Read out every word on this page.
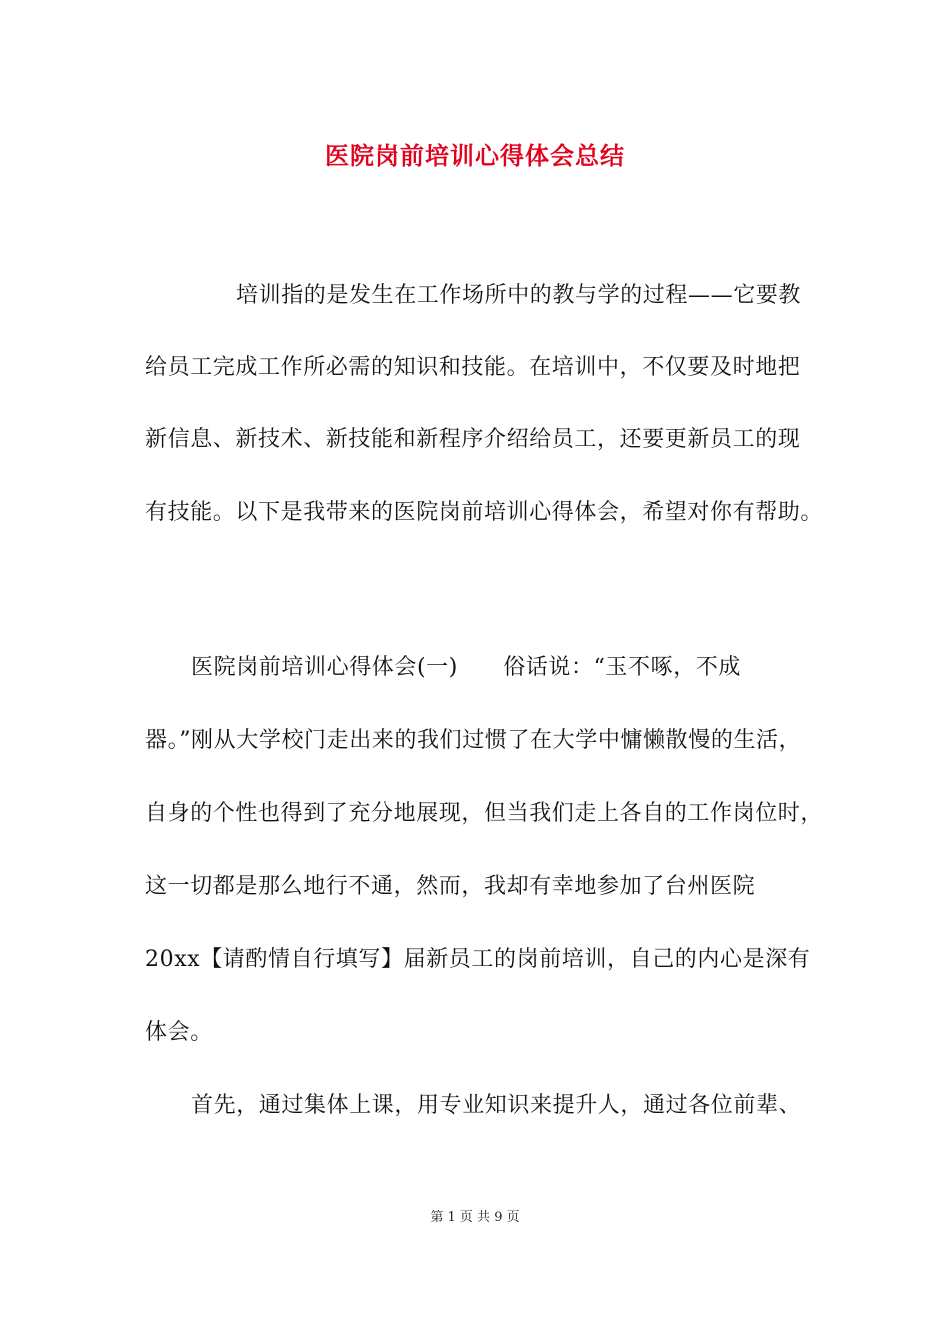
医院岗前培训心得体会总结
培训指的是发生在工作场所中的教与学的过程——它要教
给员工完成工作所必需的知识和技能。在培训中，不仅要及时地把
新信息、新技术、新技能和新程序介绍给员工，还要更新员工的现
有技能。以下是我带来的医院岗前培训心得体会，希望对你有帮助。
医院岗前培训心得体会(一)　　俗话说：“玉不啄，不成
器。”刚从大学校门走出来的我们过惯了在大学中慵懒散慢的生活，
自身的个性也得到了充分地展现，但当我们走上各自的工作岗位时，
这一切都是那么地行不通，然而，我却有幸地参加了台州医院
20xx【请酌情自行填写】届新员工的岗前培训，自己的内心是深有
体会。
首先，通过集体上课，用专业知识来提升人，通过各位前辈、
第 1 页 共 9 页
